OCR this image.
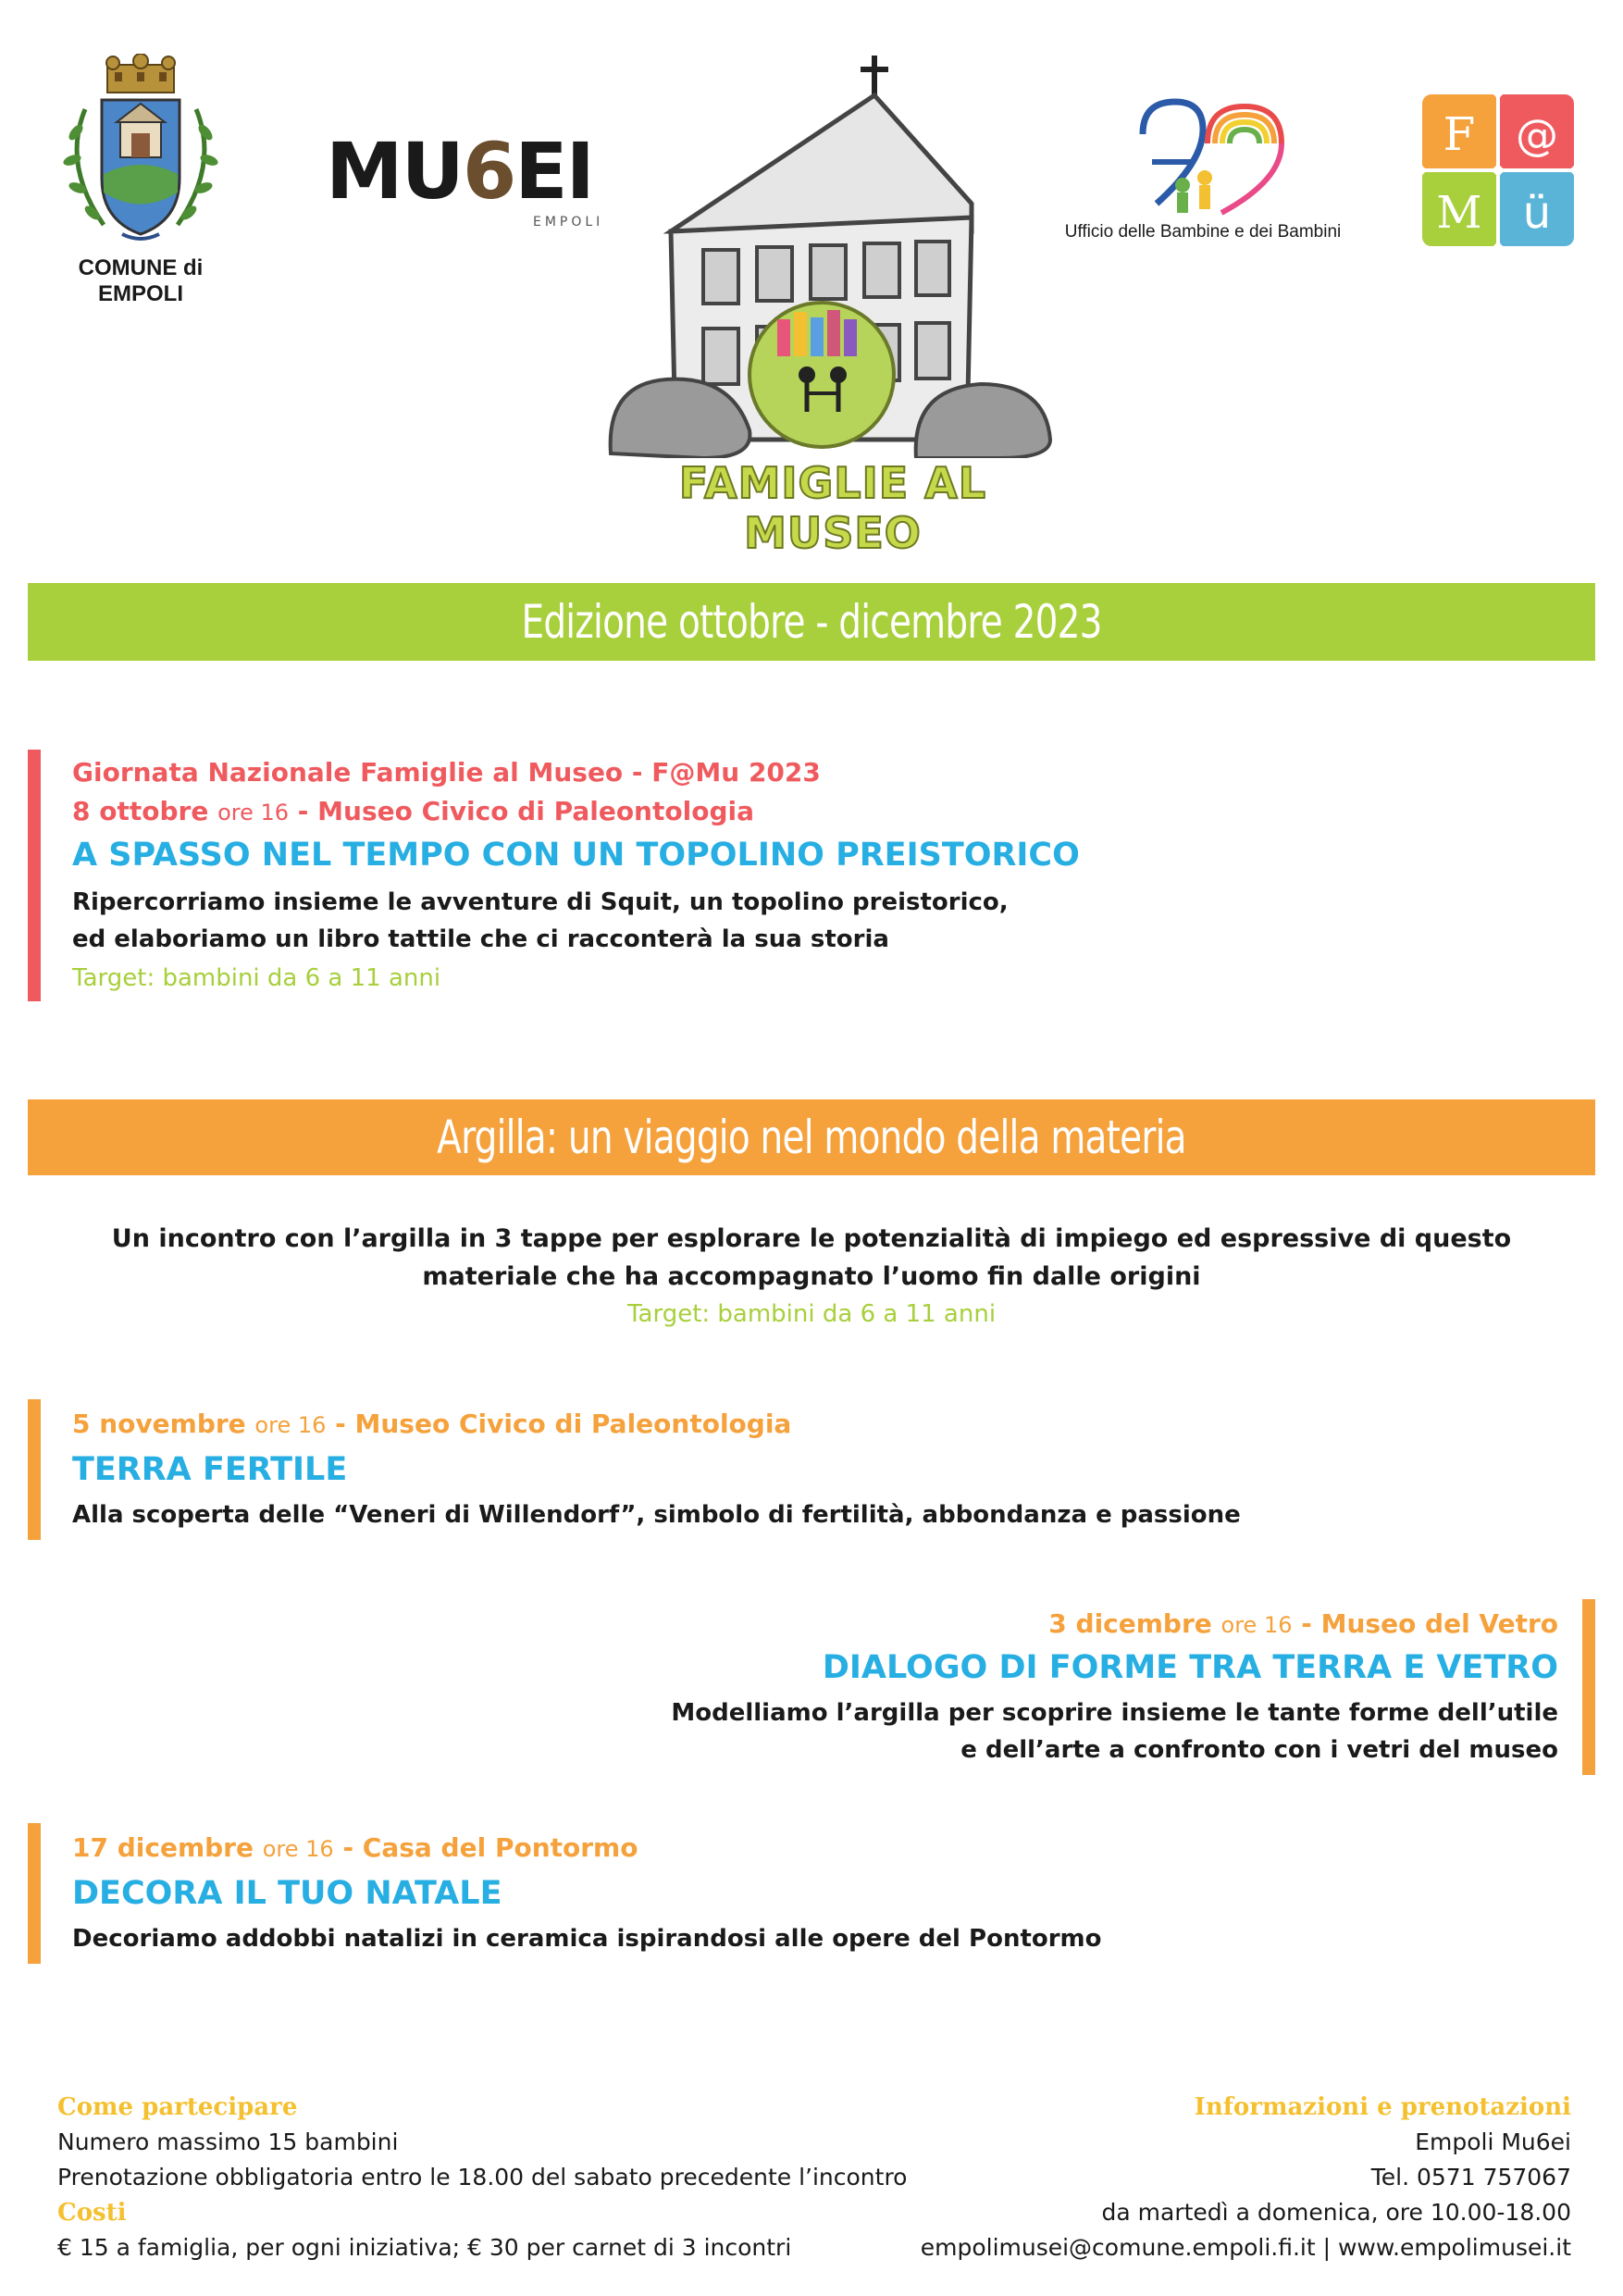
COMUNE di EMPOLI
MU6EI
EMPOLI
FAMIGLIE AL MUSEO
Ufficio delle Bambine e dei Bambini
F @
M ü
Edizione ottobre - dicembre 2023
Giornata Nazionale Famiglie al Museo - F@Mu 2023
8 ottobre ore 16 - Museo Civico di Paleontologia
A SPASSO NEL TEMPO CON UN TOPOLINO PREISTORICO
Ripercorriamo insieme le avventure di Squit, un topolino preistorico,
ed elaboriamo un libro tattile che ci racconterà la sua storia
Target: bambini da 6 a 11 anni
Argilla: un viaggio nel mondo della materia
Un incontro con l’argilla in 3 tappe per esplorare le potenzialità di impiego ed espressive di questo
materiale che ha accompagnato l’uomo fin dalle origini
Target: bambini da 6 a 11 anni
5 novembre ore 16 - Museo Civico di Paleontologia
TERRA FERTILE
Alla scoperta delle “Veneri di Willendorf”, simbolo di fertilità, abbondanza e passione
3 dicembre ore 16 - Museo del Vetro
DIALOGO DI FORME TRA TERRA E VETRO
Modelliamo l’argilla per scoprire insieme le tante forme dell’utile
e dell’arte a confronto con i vetri del museo
17 dicembre ore 16 - Casa del Pontormo
DECORA IL TUO NATALE
Decoriamo addobbi natalizi in ceramica ispirandosi alle opere del Pontormo
Come partecipare
Numero massimo 15 bambini
Prenotazione obbligatoria entro le 18.00 del sabato precedente l’incontro
Costi
€ 15 a famiglia, per ogni iniziativa; € 30 per carnet di 3 incontri
Informazioni e prenotazioni
Empoli Mu6ei
Tel. 0571 757067
da martedì a domenica, ore 10.00-18.00
empolimusei@comune.empoli.fi.it | www.empolimusei.it
